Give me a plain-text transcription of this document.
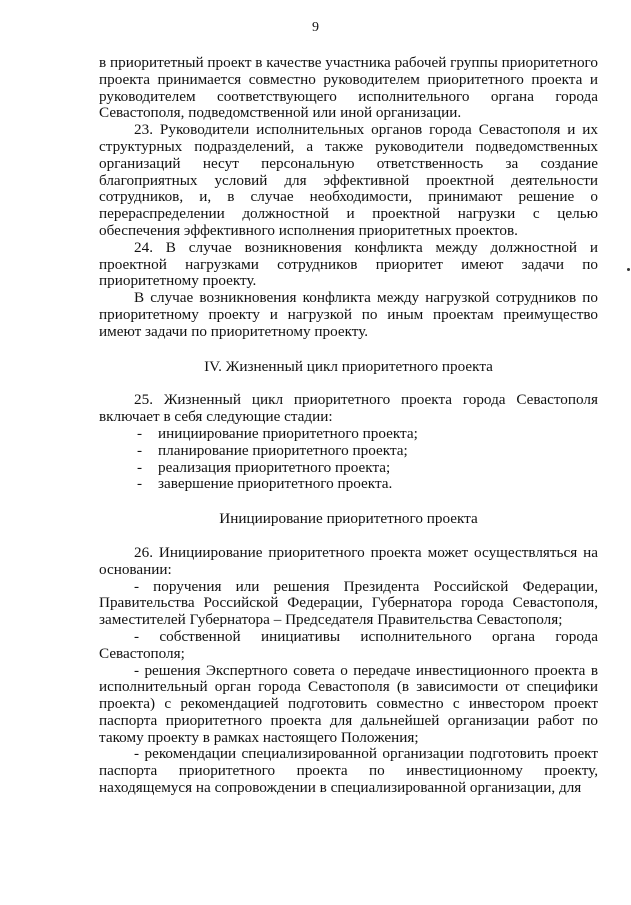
9

в приоритетный проект в качестве участника рабочей группы приоритетного проекта принимается совместно руководителем приоритетного проекта и руководителем соответствующего исполнительного органа города Севастополя, подведомственной или иной организации.

23. Руководители исполнительных органов города Севастополя и их структурных подразделений, а также руководители подведомственных организаций несут персональную ответственность за создание благоприятных условий для эффективной проектной деятельности сотрудников, и, в случае необходимости, принимают решение о перераспределении должностной и проектной нагрузки с целью обеспечения эффективного исполнения приоритетных проектов.

24. В случае возникновения конфликта между должностной и проектной нагрузками сотрудников приоритет имеют задачи по приоритетному проекту.

В случае возникновения конфликта между нагрузкой сотрудников по приоритетному проекту и нагрузкой по иным проектам преимущество имеют задачи по приоритетному проекту.

IV. Жизненный цикл приоритетного проекта

25. Жизненный цикл приоритетного проекта города Севастополя включает в себя следующие стадии:

- инициирование приоритетного проекта;
- планирование приоритетного проекта;
- реализация приоритетного проекта;
- завершение приоритетного проекта.

Инициирование приоритетного проекта

26. Инициирование приоритетного проекта может осуществляться на основании:

- поручения или решения Президента Российской Федерации, Правительства Российской Федерации, Губернатора города Севастополя, заместителей Губернатора – Председателя Правительства Севастополя;

- собственной инициативы исполнительного органа города Севастополя;

- решения Экспертного совета о передаче инвестиционного проекта в исполнительный орган города Севастополя (в зависимости от специфики проекта) с рекомендацией подготовить совместно с инвестором проект паспорта приоритетного проекта для дальнейшей организации работ по такому проекту в рамках настоящего Положения;

- рекомендации специализированной организации подготовить проект паспорта приоритетного проекта по инвестиционному проекту, находящемуся на сопровождении в специализированной организации, для
